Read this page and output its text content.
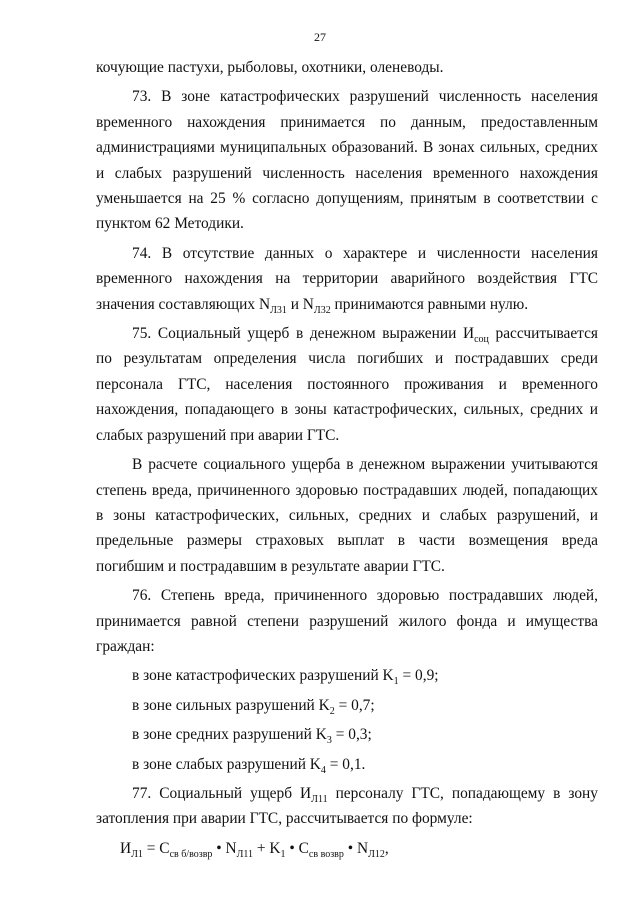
27

кочующие пастухи, рыболовы, охотники, оленеводы.

73. В зоне катастрофических разрушений численность населения временного нахождения принимается по данным, предоставленным администрациями муниципальных образований. В зонах сильных, средних и слабых разрушений численность населения временного нахождения уменьшается на 25 % согласно допущениям, принятым в соответствии с пунктом 62 Методики.

74. В отсутствие данных о характере и численности населения временного нахождения на территории аварийного воздействия ГТС значения составляющих $N_{Л31}$ и $N_{Л32}$ принимаются равными нулю.

75. Социальный ущерб в денежном выражении $И_{соц}$ рассчитывается по результатам определения числа погибших и пострадавших среди персонала ГТС, населения постоянного проживания и временного нахождения, попадающего в зоны катастрофических, сильных, средних и слабых разрушений при аварии ГТС.

В расчете социального ущерба в денежном выражении учитываются степень вреда, причиненного здоровью пострадавших людей, попадающих в зоны катастрофических, сильных, средних и слабых разрушений, и предельные размеры страховых выплат в части возмещения вреда погибшим и пострадавшим в результате аварии ГТС.

76. Степень вреда, причиненного здоровью пострадавших людей, принимается равной степени разрушений жилого фонда и имущества граждан:

в зоне катастрофических разрушений $K_1 = 0,9$;

в зоне сильных разрушений $K_2 = 0,7$;

в зоне средних разрушений $K_3 = 0,3$;

в зоне слабых разрушений $K_4 = 0,1$.

77. Социальный ущерб $И_{Л11}$ персоналу ГТС, попадающему в зону затопления при аварии ГТС, рассчитывается по формуле:

$И_{Л1} = C_{св б/возвр}$ • $N_{Л11} + K_1$ • $C_{св возвр}$ • $N_{Л12}$,
